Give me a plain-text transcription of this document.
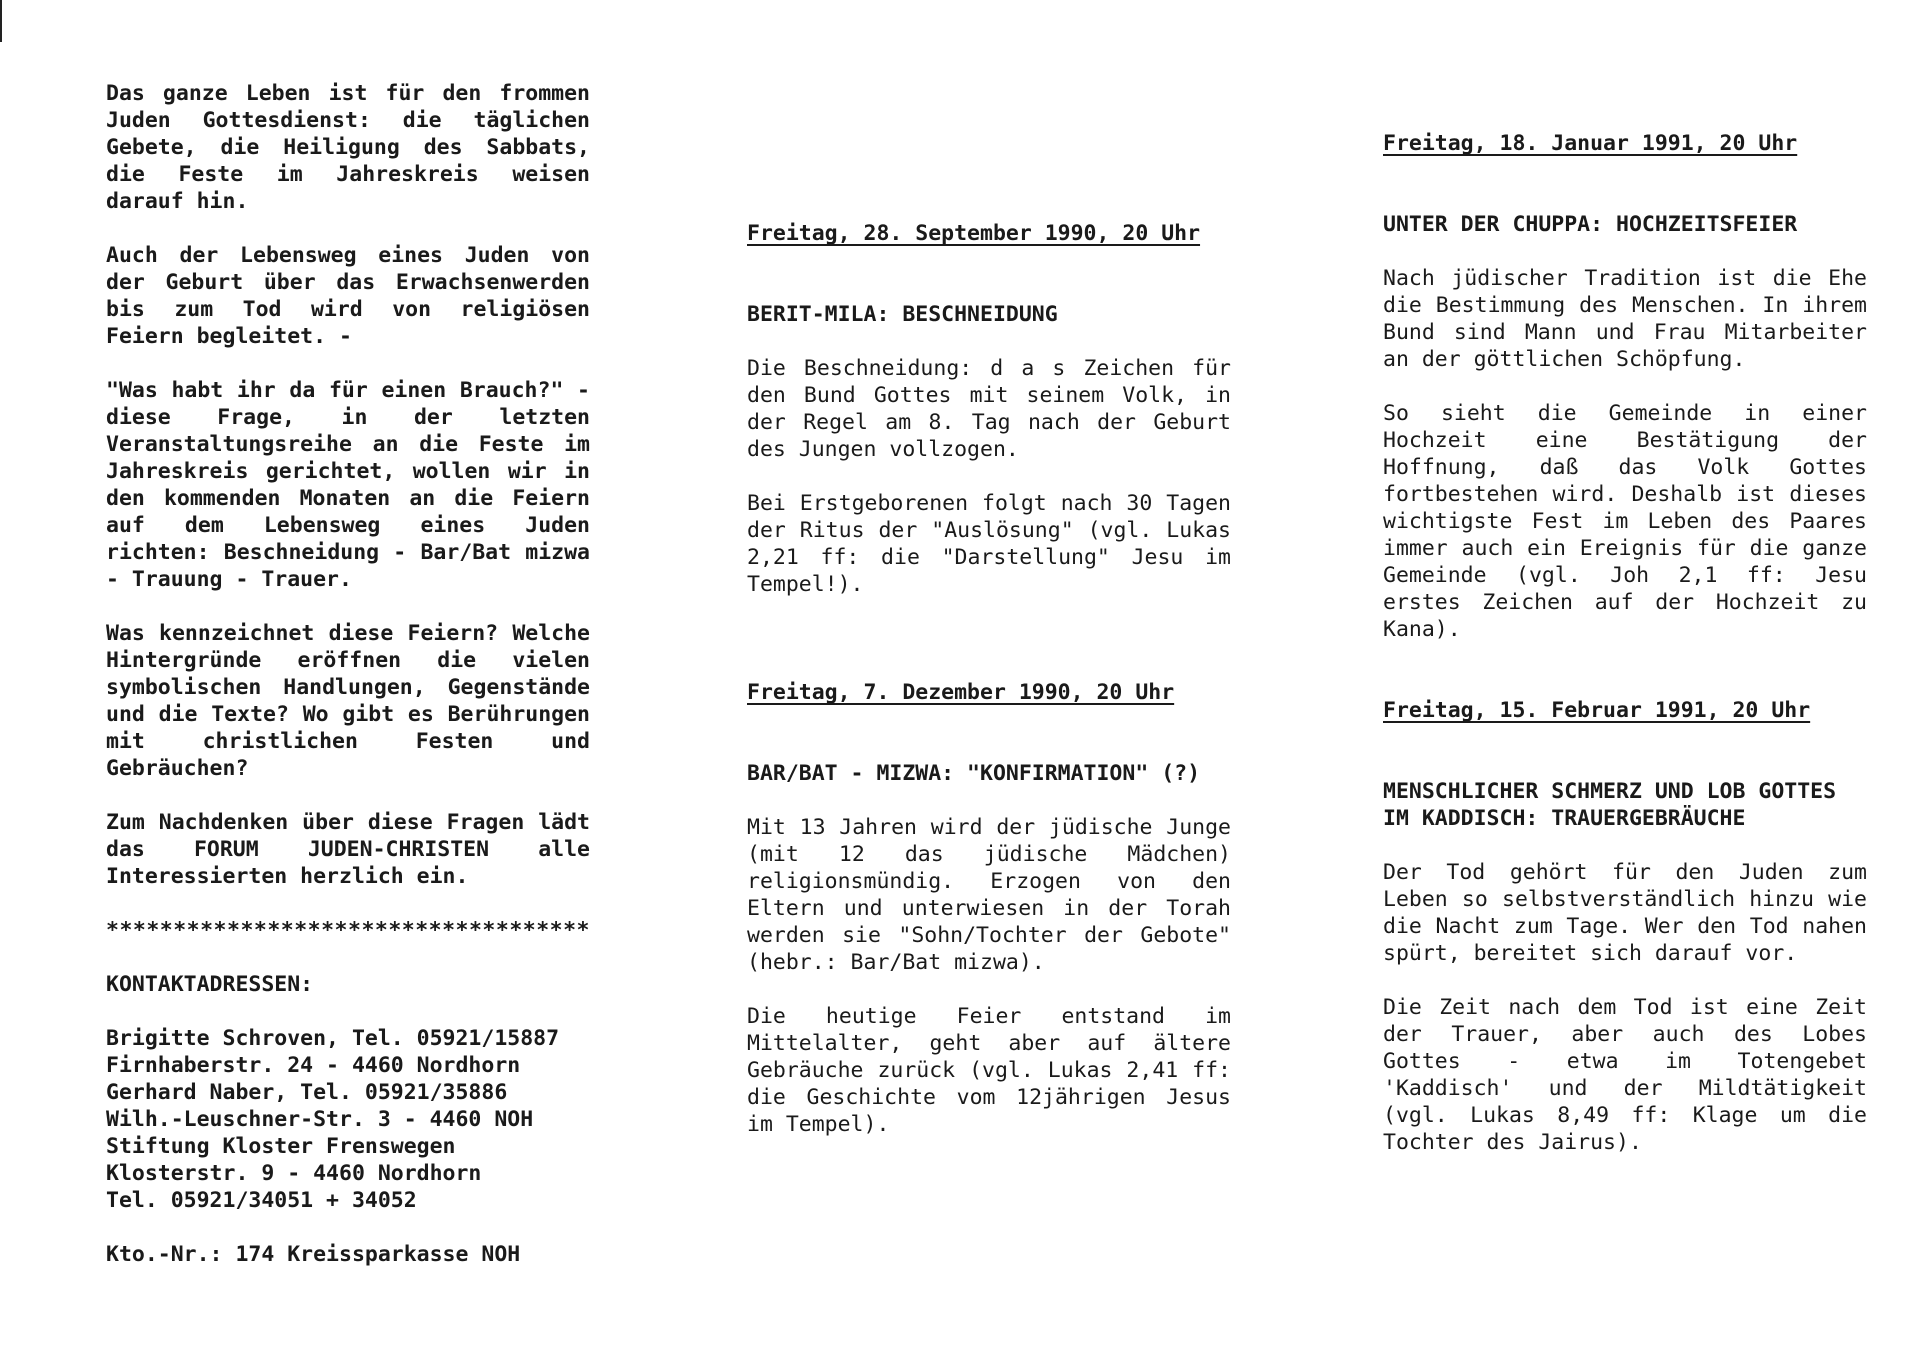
Das ganze Leben ist für den frommen Juden Gottesdienst: die täglichen Gebete, die Heiligung des Sabbats, die Feste im Jahreskreis weisen darauf hin.

Auch der Lebensweg eines Juden von der Geburt über das Erwachsenwerden bis zum Tod wird von religiösen Feiern begleitet. -

"Was habt ihr da für einen Brauch?" - diese Frage, in der letzten Veranstaltungsreihe an die Feste im Jahreskreis gerichtet, wollen wir in den kommenden Monaten an die Feiern auf dem Lebensweg eines Juden richten: Beschneidung - Bar/Bat mizwa - Trauung - Trauer.

Was kennzeichnet diese Feiern? Welche Hintergründe eröffnen die vielen symbolischen Handlungen, Gegenstände und die Texte? Wo gibt es Berührungen mit christlichen Festen und Gebräuchen?

Zum Nachdenken über diese Fragen lädt das FORUM JUDEN-CHRISTEN alle Interessierten herzlich ein.

************************************

KONTAKTADRESSEN:

Brigitte Schroven, Tel. 05921/15887

Firnhaberstr. 24 - 4460 Nordhorn

Gerhard Naber, Tel. 05921/35886

Wilh.-Leuschner-Str. 3 - 4460 NOH

Stiftung Kloster Frenswegen

Klosterstr. 9 - 4460 Nordhorn

Tel. 05921/34051 + 34052

Kto.-Nr.: 174 Kreissparkasse NOH

Freitag, 28. September 1990, 20 Uhr

BERIT-MILA: BESCHNEIDUNG

Die Beschneidung: d a s Zeichen für den Bund Gottes mit seinem Volk, in der Regel am 8. Tag nach der Geburt des Jungen vollzogen.

Bei Erstgeborenen folgt nach 30 Tagen der Ritus der "Auslösung" (vgl. Lukas 2,21 ff: die "Darstellung" Jesu im Tempel!).

Freitag, 7. Dezember 1990, 20 Uhr

BAR/BAT - MIZWA: "KONFIRMATION" (?)

Mit 13 Jahren wird der jüdische Junge (mit 12 das jüdische Mädchen) religionsmündig. Erzogen von den Eltern und unterwiesen in der Torah werden sie "Sohn/Tochter der Gebote" (hebr.: Bar/Bat mizwa).

Die heutige Feier entstand im Mittelalter, geht aber auf ältere Gebräuche zurück (vgl. Lukas 2,41 ff: die Geschichte vom 12jährigen Jesus im Tempel).

Freitag, 18. Januar 1991, 20 Uhr

UNTER DER CHUPPA: HOCHZEITSFEIER

Nach jüdischer Tradition ist die Ehe die Bestimmung des Menschen. In ihrem Bund sind Mann und Frau Mitarbeiter an der göttlichen Schöpfung.

So sieht die Gemeinde in einer Hochzeit eine Bestätigung der Hoffnung, daß das Volk Gottes fortbestehen wird. Deshalb ist dieses wichtigste Fest im Leben des Paares immer auch ein Ereignis für die ganze Gemeinde (vgl. Joh 2,1 ff: Jesu erstes Zeichen auf der Hochzeit zu Kana).

Freitag, 15. Februar 1991, 20 Uhr

MENSCHLICHER SCHMERZ UND LOB GOTTES IM KADDISCH: TRAUERGEBRÄUCHE

Der Tod gehört für den Juden zum Leben so selbstverständlich hinzu wie die Nacht zum Tage. Wer den Tod nahen spürt, bereitet sich darauf vor.

Die Zeit nach dem Tod ist eine Zeit der Trauer, aber auch des Lobes Gottes - etwa im Totengebet 'Kaddisch' und der Mildtätigkeit (vgl. Lukas 8,49 ff: Klage um die Tochter des Jairus).
